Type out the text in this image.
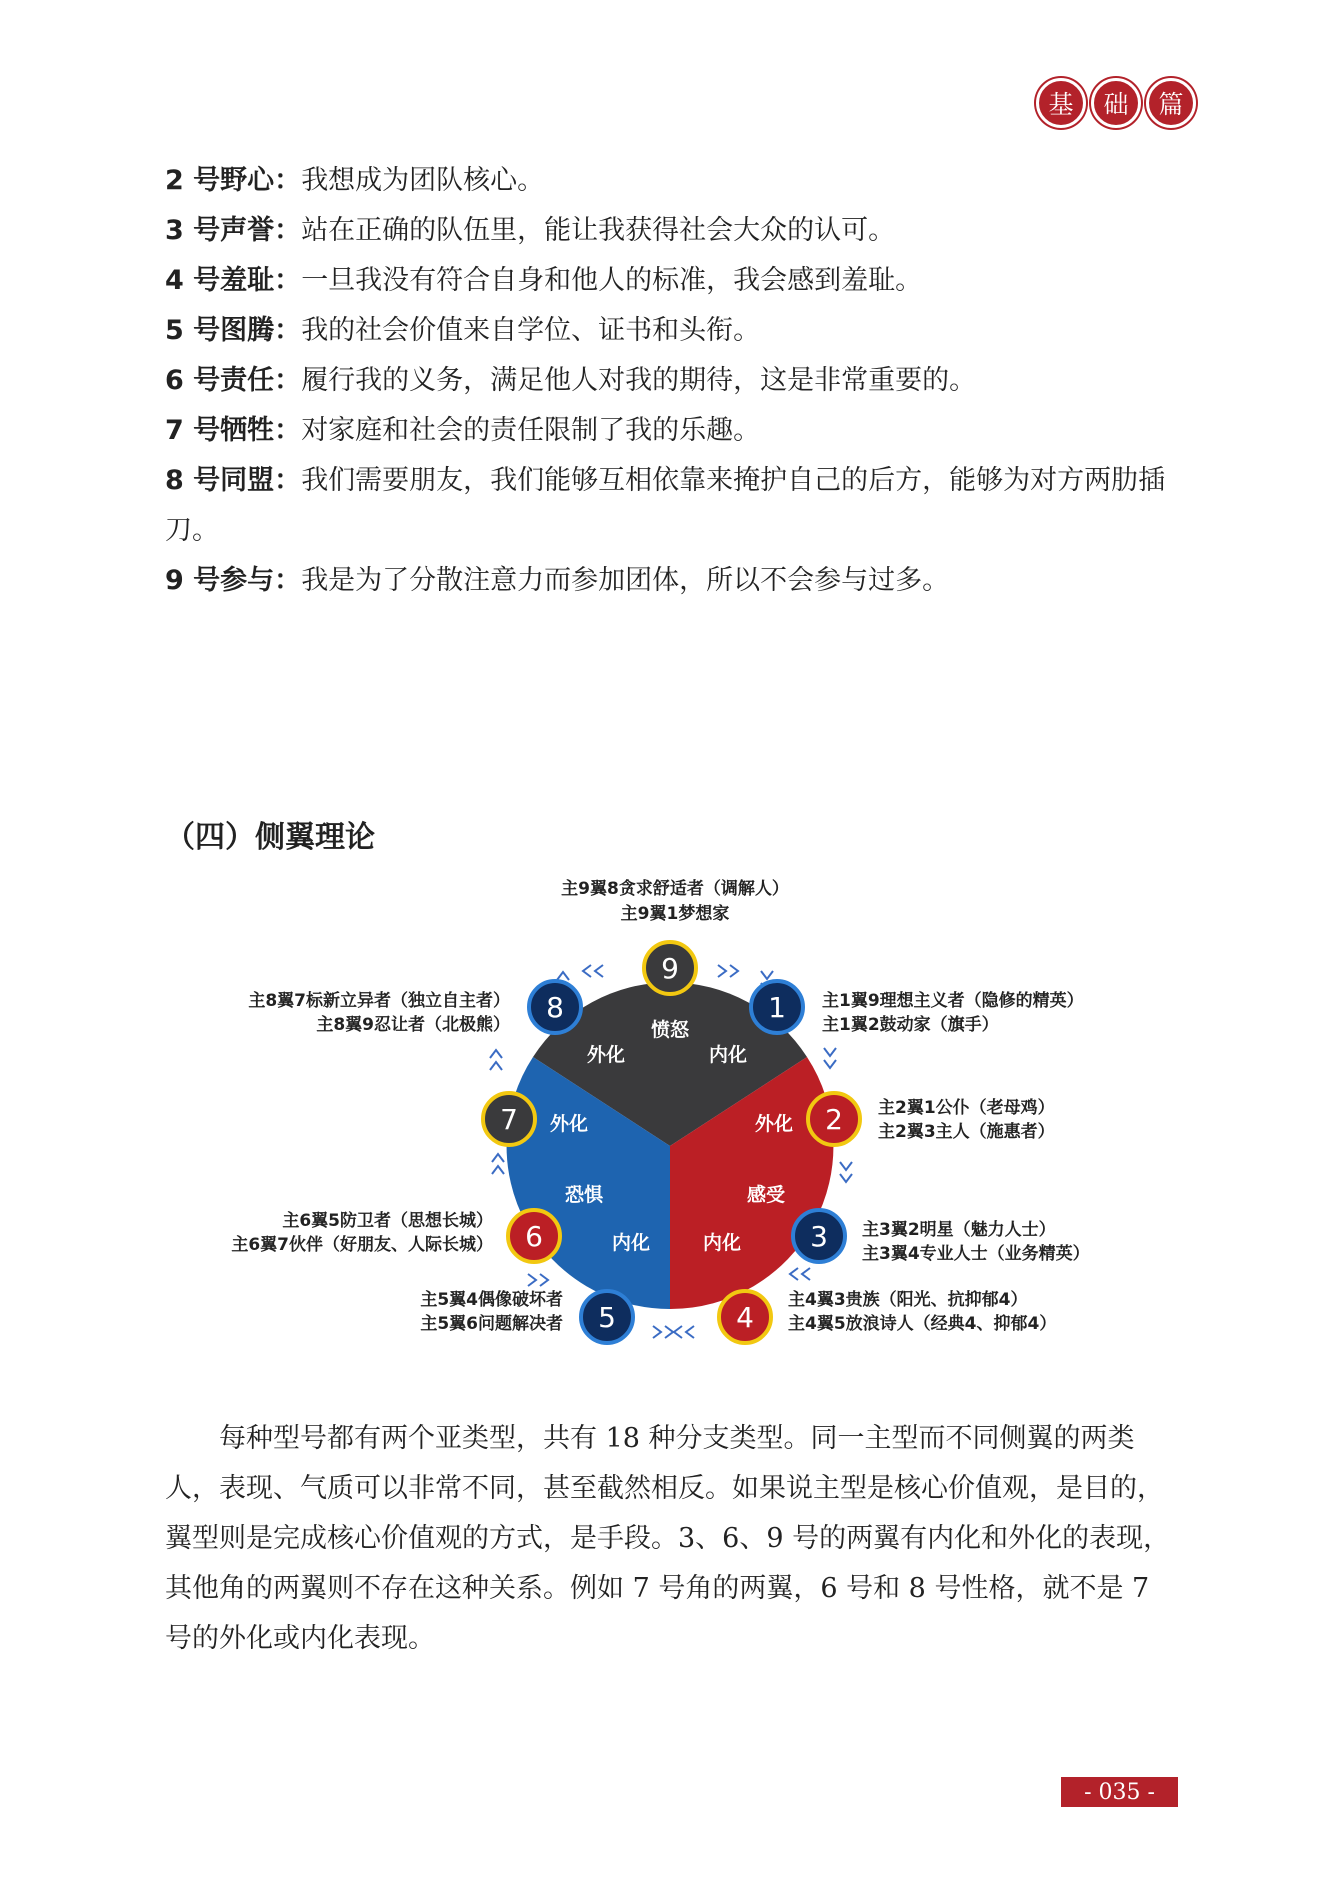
基	础	篇

2 号野心：我想成为团队核心。

3 号声誉：站在正确的队伍里，能让我获得社会大众的认可。

4 号羞耻：一旦我没有符合自身和他人的标准，我会感到羞耻。

5 号图腾：我的社会价值来自学位、证书和头衔。

6 号责任：履行我的义务，满足他人对我的期待，这是非常重要的。

7 号牺牲：对家庭和社会的责任限制了我的乐趣。

8 号同盟：我们需要朋友，我们能够互相依靠来掩护自己的后方，能够为对方两肋插刀。

9 号参与：我是为了分散注意力而参加团体，所以不会参与过多。

（四）侧翼理论
愤怒
外化	内化
感受
外化
内化
恐惧
外化
内化
9
1
2
3
4
5
6
7
8
主9翼8贪求舒适者（调解人）
主9翼1梦想家
主1翼9理想主义者（隐修的精英）
主1翼2鼓动家（旗手）
主2翼1公仆（老母鸡）
主2翼3主人（施惠者）
主3翼2明星（魅力人士）
主3翼4专业人士（业务精英）
主4翼3贵族（阳光、抗抑郁4）
主4翼5放浪诗人（经典4、抑郁4）
主5翼4偶像破坏者
主5翼6问题解决者
主6翼5防卫者（思想长城）
主6翼7伙伴（好朋友、人际长城）
主8翼7标新立异者（独立自主者）
主8翼9忍让者（北极熊）

每种型号都有两个亚类型，共有 18 种分支类型。同一主型而不同侧翼的两类人，表现、气质可以非常不同，甚至截然相反。如果说主型是核心价值观，是目的，翼型则是完成核心价值观的方式，是手段。3、6、9 号的两翼有内化和外化的表现，其他角的两翼则不存在这种关系。例如 7 号角的两翼，6 号和 8 号性格，就不是 7 号的外化或内化表现。

- 035 -
